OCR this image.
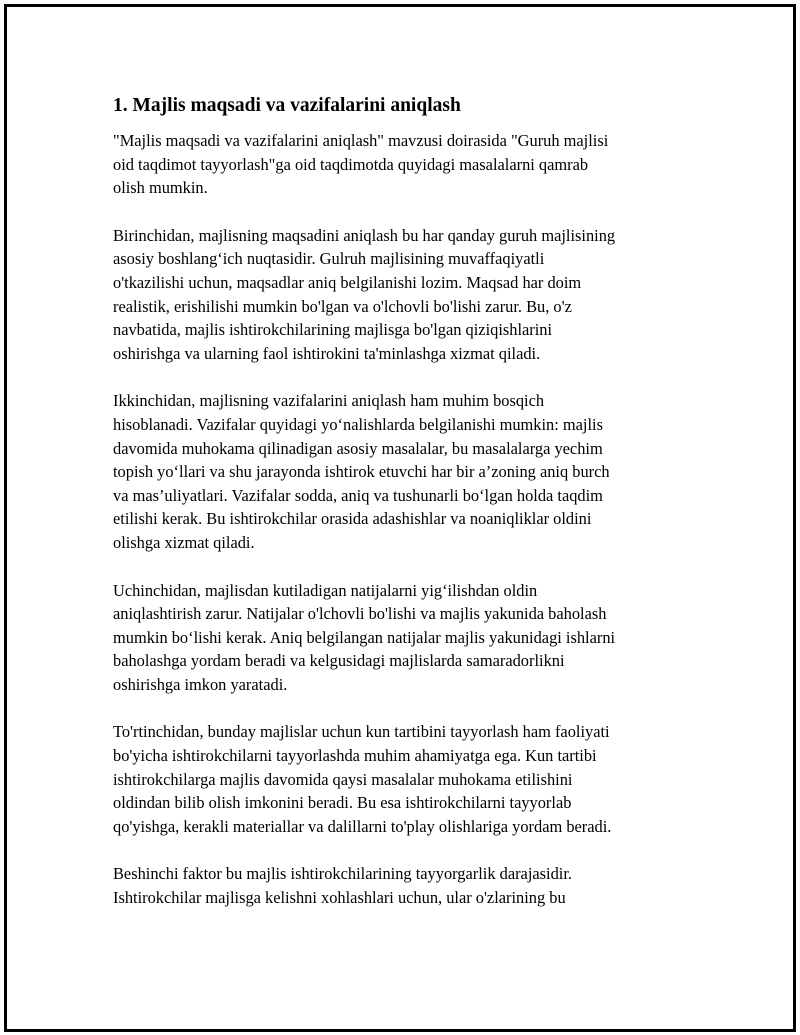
1. Majlis maqsadi va vazifalarini aniqlash
"Majlis maqsadi va vazifalarini aniqlash" mavzusi doirasida "Guruh majlisi
oid taqdimot tayyorlash"ga oid taqdimotda quyidagi masalalarni qamrab
olish mumkin.
Birinchidan, majlisning maqsadini aniqlash bu har qanday guruh majlisining
asosiy boshlang‘ich nuqtasidir. Gulruh majlisining muvaffaqiyatli
o'tkazilishi uchun, maqsadlar aniq belgilanishi lozim. Maqsad har doim
realistik, erishilishi mumkin bo'lgan va o'lchovli bo'lishi zarur. Bu, o'z
navbatida, majlis ishtirokchilarining majlisga bo'lgan qiziqishlarini
oshirishga va ularning faol ishtirokini ta'minlashga xizmat qiladi.
Ikkinchidan, majlisning vazifalarini aniqlash ham muhim bosqich
hisoblanadi. Vazifalar quyidagi yo‘nalishlarda belgilanishi mumkin: majlis
davomida muhokama qilinadigan asosiy masalalar, bu masalalarga yechim
topish yo‘llari va shu jarayonda ishtirok etuvchi har bir a’zoning aniq burch
va mas’uliyatlari. Vazifalar sodda, aniq va tushunarli bo‘lgan holda taqdim
etilishi kerak. Bu ishtirokchilar orasida adashishlar va noaniqliklar oldini
olishga xizmat qiladi.
Uchinchidan, majlisdan kutiladigan natijalarni yig‘ilishdan oldin
aniqlashtirish zarur. Natijalar o'lchovli bo'lishi va majlis yakunida baholash
mumkin bo‘lishi kerak. Aniq belgilangan natijalar majlis yakunidagi ishlarni
baholashga yordam beradi va kelgusidagi majlislarda samaradorlikni
oshirishga imkon yaratadi.
To'rtinchidan, bunday majlislar uchun kun tartibini tayyorlash ham faoliyati
bo'yicha ishtirokchilarni tayyorlashda muhim ahamiyatga ega. Kun tartibi
ishtirokchilarga majlis davomida qaysi masalalar muhokama etilishini
oldindan bilib olish imkonini beradi. Bu esa ishtirokchilarni tayyorlab
qo'yishga, kerakli materiallar va dalillarni to'play olishlariga yordam beradi.
Beshinchi faktor bu majlis ishtirokchilarining tayyorgarlik darajasidir.
Ishtirokchilar majlisga kelishni xohlashlari uchun, ular o'zlarining bu
